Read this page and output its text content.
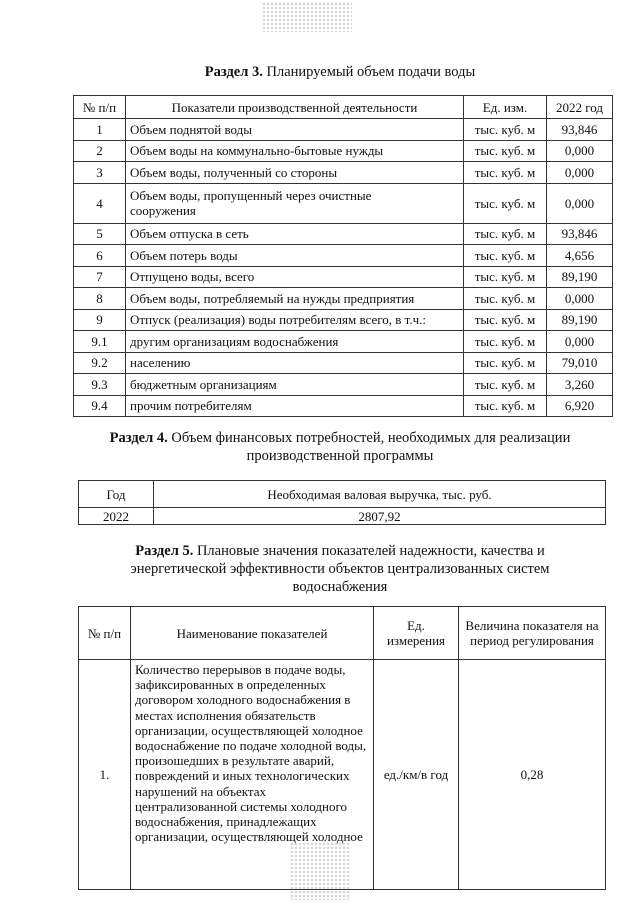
Раздел 3. Планируемый объем подачи воды
№ п/п	Показатели производственной деятельности	Ед. изм.	2022 год
1	Объем поднятой воды	тыс. куб. м	93,846
2	Объем воды на коммунально-бытовые нужды	тыс. куб. м	0,000
3	Объем воды, полученный со стороны	тыс. куб. м	0,000
4	Объем воды, пропущенный через очистные сооружения	тыс. куб. м	0,000
5	Объем отпуска в сеть	тыс. куб. м	93,846
6	Объем потерь воды	тыс. куб. м	4,656
7	Отпущено воды, всего	тыс. куб. м	89,190
8	Объем воды, потребляемый на нужды предприятия	тыс. куб. м	0,000
9	Отпуск (реализация) воды потребителям всего, в т.ч.:	тыс. куб. м	89,190
9.1	другим организациям водоснабжения	тыс. куб. м	0,000
9.2	населению	тыс. куб. м	79,010
9.3	бюджетным организациям	тыс. куб. м	3,260
9.4	прочим потребителям	тыс. куб. м	6,920
Раздел 4. Объем финансовых потребностей, необходимых для реализации
производственной программы
Год	Необходимая валовая выручка, тыс. руб.
2022	2807,92
Раздел 5. Плановые значения показателей надежности, качества и
энергетической эффективности объектов централизованных систем
водоснабжения
№ п/п	Наименование показателей	Ед. измерения	Величина показателя на период регулирования
1.	Количество перерывов в подаче воды, зафиксированных в определенных договором холодного водоснабжения в местах исполнения обязательств организации, осуществляющей холодное водоснабжение по подаче холодной воды, произошедших в результате аварий, повреждений и иных технологических нарушений на объектах централизованной системы холодного водоснабжения, принадлежащих организации, осуществляющей холодное	ед./км/в год	0,28
